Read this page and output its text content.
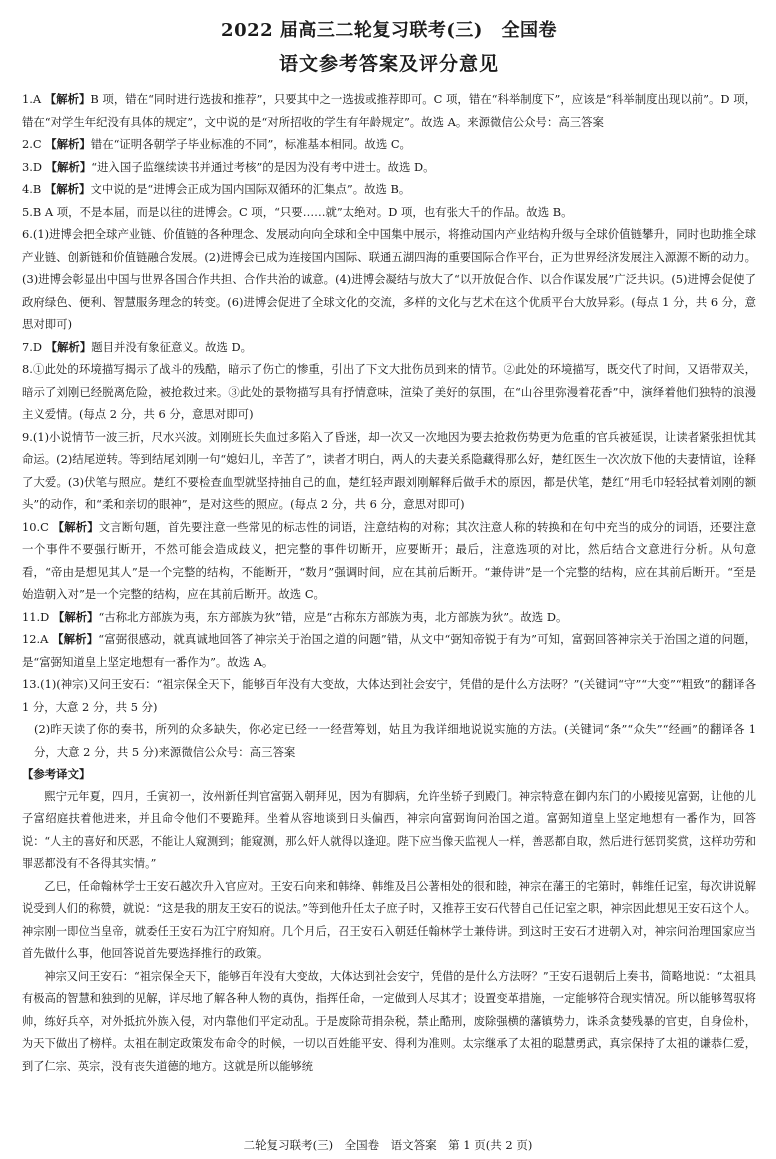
2022 届高三二轮复习联考(三)　全国卷
语文参考答案及评分意见

1.A 【解析】B 项，错在“同时进行选拔和推荐”，只要其中之一选拔或推荐即可。C 项，错在“科举制度下”，应该是“科举制度出现以前”。D 项，错在“对学生年纪没有具体的规定”，文中说的是“对所招收的学生有年龄规定”。故选 A。来源微信公众号：高三答案

2.C 【解析】错在“证明各朝学子毕业标准的不同”，标准基本相同。故选 C。

3.D 【解析】“进入国子监继续读书并通过考核”的是因为没有考中进士。故选 D。

4.B 【解析】文中说的是“进博会正成为国内国际双循环的汇集点”。故选 B。

5.B A 项，不是本届，而是以往的进博会。C 项，“只要……就”太绝对。D 项，也有张大千的作品。故选 B。

6.(1)进博会把全球产业链、价值链的各种理念、发展动向向全球和全中国集中展示，将推动国内产业结构升级与全球价值链攀升，同时也助推全球产业链、创新链和价值链融合发展。(2)进博会已成为连接国内国际、联通五湖四海的重要国际合作平台，正为世界经济发展注入源源不断的动力。(3)进博会彰显出中国与世界各国合作共担、合作共治的诚意。(4)进博会凝结与放大了“以开放促合作、以合作谋发展”广泛共识。(5)进博会促使了政府绿色、便利、智慧服务理念的转变。(6)进博会促进了全球文化的交流，多样的文化与艺术在这个优质平台大放异彩。(每点 1 分，共 6 分，意思对即可)

7.D 【解析】题目并没有象征意义。故选 D。

8.①此处的环境描写揭示了战斗的残酷，暗示了伤亡的惨重，引出了下文大批伤员到来的情节。②此处的环境描写，既交代了时间，又语带双关，暗示了刘刚已经脱离危险，被抢救过来。③此处的景物描写具有抒情意味，渲染了美好的氛围，在“山谷里弥漫着花香”中，演绎着他们独特的浪漫主义爱情。(每点 2 分，共 6 分，意思对即可)

9.(1)小说情节一波三折，尺水兴波。刘刚班长失血过多陷入了昏迷，却一次又一次地因为要去抢救伤势更为危重的官兵被延误，让读者紧张担忧其命运。(2)结尾逆转。等到结尾刘刚一句“媳妇儿，辛苦了”，读者才明白，两人的夫妻关系隐藏得那么好，楚红医生一次次放下他的夫妻情谊，诠释了大爱。(3)伏笔与照应。楚红不要检查血型就坚持抽自己的血，楚红轻声跟刘刚解释后做手术的原因，都是伏笔，楚红“用毛巾轻轻拭着刘刚的额头”的动作，和“柔和亲切的眼神”，是对这些的照应。(每点 2 分，共 6 分，意思对即可)

10.C 【解析】文言断句题，首先要注意一些常见的标志性的词语，注意结构的对称；其次注意人称的转换和在句中充当的成分的词语，还要注意一个事件不要强行断开，不然可能会造成歧义，把完整的事件切断开，应要断开；最后，注意选项的对比，然后结合文意进行分析。从句意看，“帝由是想见其人”是一个完整的结构，不能断开，“数月”强调时间，应在其前后断开。“兼侍讲”是一个完整的结构，应在其前后断开。“至是始造朝入对”是一个完整的结构，应在其前后断开。故选 C。

11.D 【解析】“古称北方部族为夷，东方部族为狄”错，应是“古称东方部族为夷，北方部族为狄”。故选 D。

12.A 【解析】“富弼很感动，就真诚地回答了神宗关于治国之道的问题”错，从文中“弼知帝锐于有为”可知，富弼回答神宗关于治国之道的问题，是“富弼知道皇上坚定地想有一番作为”。故选 A。

13.(1)(神宗)又问王安石：“祖宗保全天下，能够百年没有大变故，大体达到社会安宁，凭借的是什么方法呀？”(关键词“守”“大变”“粗致”的翻译各 1 分，大意 2 分，共 5 分)

(2)昨天读了你的奏书，所列的众多缺失，你必定已经一一经营筹划，姑且为我详细地说说实施的方法。(关键词“条”“众失”“经画”的翻译各 1 分，大意 2 分，共 5 分)来源微信公众号：高三答案

【参考译文】

熙宁元年夏，四月，壬寅初一，汝州新任判官富弼入朝拜见，因为有脚病，允许坐轿子到殿门。神宗特意在御内东门的小殿接见富弼，让他的儿子富绍庭扶着他进来，并且命令他们不要跪拜。坐着从容地谈到日头偏西，神宗向富弼询问治国之道。富弼知道皇上坚定地想有一番作为，回答说：“人主的喜好和厌恶，不能让人窥测到；能窥测，那么奸人就得以逢迎。陛下应当像天监视人一样，善恶都自取，然后进行惩罚奖赏，这样功劳和罪恶都没有不各得其实情。”

乙巳，任命翰林学士王安石越次升入官应对。王安石向来和韩绛、韩维及吕公著相处的很和睦，神宗在藩王的宅第时，韩维任记室，每次讲说解说受到人们的称赞，就说：“这是我的朋友王安石的说法。”等到他升任太子庶子时，又推荐王安石代替自己任记室之职，神宗因此想见王安石这个人。神宗刚一即位当皇帝，就委任王安石为江宁府知府。几个月后，召王安石入朝廷任翰林学士兼侍讲。到这时王安石才进朝入对，神宗问治理国家应当首先做什么事，他回答说首先要选择推行的政策。

神宗又问王安石：“祖宗保全天下，能够百年没有大变故，大体达到社会安宁，凭借的是什么方法呀？”王安石退朝后上奏书，简略地说：“太祖具有极高的智慧和独到的见解，详尽地了解各种人物的真伪，指挥任命，一定做到人尽其才；设置变革措施，一定能够符合现实情况。所以能够驾驭将帅，练好兵卒，对外抵抗外族入侵，对内靠他们平定动乱。于是废除苛捐杂税，禁止酷刑，废除强横的藩镇势力，诛杀贪婪残暴的官吏，自身俭朴，为天下做出了榜样。太祖在制定政策发布命令的时候，一切以百姓能平安、得利为准则。太宗继承了太祖的聪慧勇武，真宗保持了太祖的谦恭仁爱，到了仁宗、英宗，没有丧失道德的地方。这就是所以能够统

二轮复习联考(三)　全国卷　语文答案　第 1 页(共 2 页)
